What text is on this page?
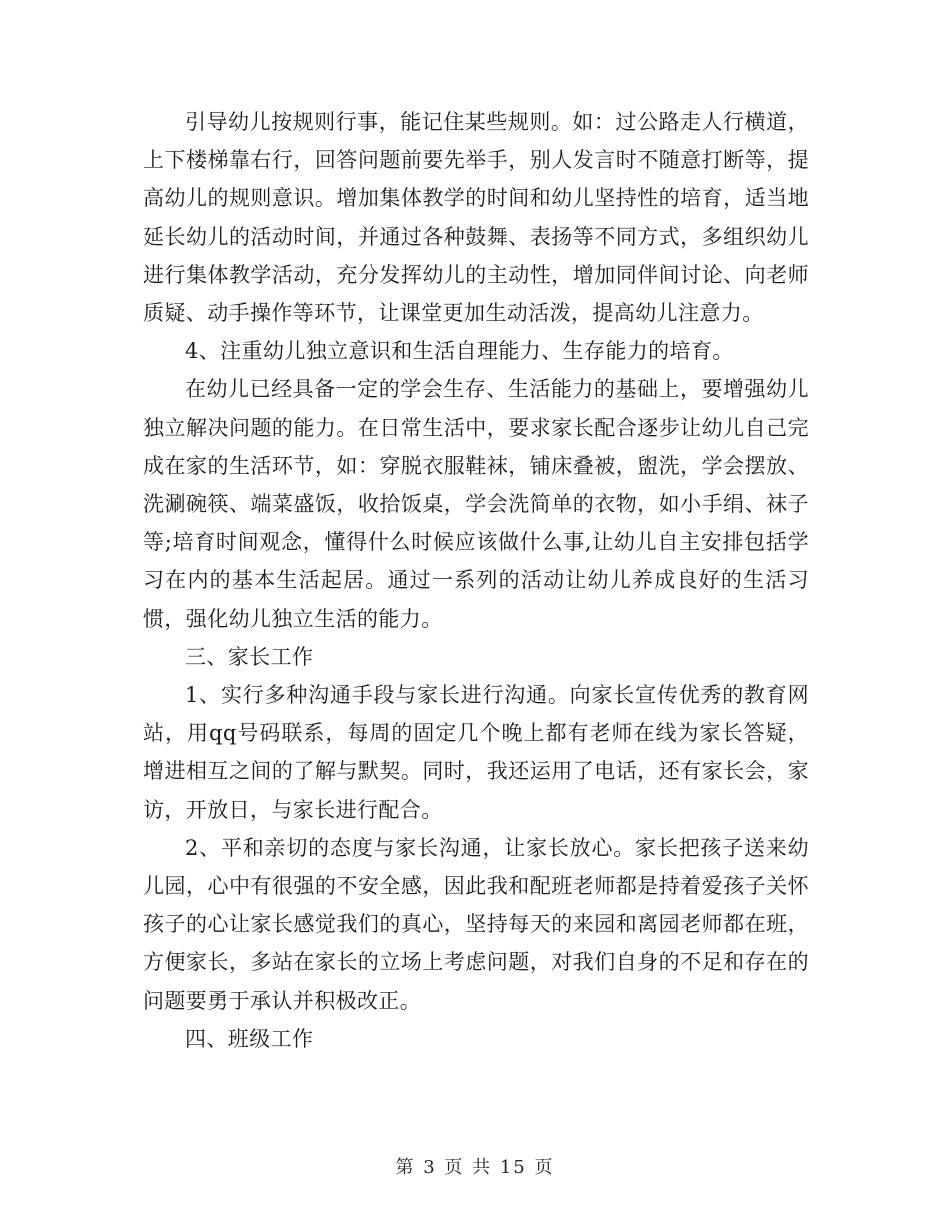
引导幼儿按规则行事，能记住某些规则。如：过公路走人行横道，上下楼梯靠右行，回答问题前要先举手，别人发言时不随意打断等，提高幼儿的规则意识。增加集体教学的时间和幼儿坚持性的培育，适当地延长幼儿的活动时间，并通过各种鼓舞、表扬等不同方式，多组织幼儿进行集体教学活动，充分发挥幼儿的主动性，增加同伴间讨论、向老师质疑、动手操作等环节，让课堂更加生动活泼，提高幼儿注意力。

4、注重幼儿独立意识和生活自理能力、生存能力的培育。

在幼儿已经具备一定的学会生存、生活能力的基础上，要增强幼儿独立解决问题的能力。在日常生活中，要求家长配合逐步让幼儿自己完成在家的生活环节，如：穿脱衣服鞋袜，铺床叠被，盥洗，学会摆放、洗涮碗筷、端菜盛饭，收拾饭桌，学会洗简单的衣物，如小手绢、袜子等;培育时间观念，懂得什么时候应该做什么事,让幼儿自主安排包括学习在内的基本生活起居。通过一系列的活动让幼儿养成良好的生活习惯，强化幼儿独立生活的能力。

三、家长工作

1、实行多种沟通手段与家长进行沟通。向家长宣传优秀的教育网站，用qq号码联系，每周的固定几个晚上都有老师在线为家长答疑，增进相互之间的了解与默契。同时，我还运用了电话，还有家长会，家访，开放日，与家长进行配合。

2、平和亲切的态度与家长沟通，让家长放心。家长把孩子送来幼儿园，心中有很强的不安全感，因此我和配班老师都是持着爱孩子关怀孩子的心让家长感觉我们的真心，坚持每天的来园和离园老师都在班，方便家长，多站在家长的立场上考虑问题，对我们自身的不足和存在的问题要勇于承认并积极改正。

四、班级工作

第 3 页 共 15 页
